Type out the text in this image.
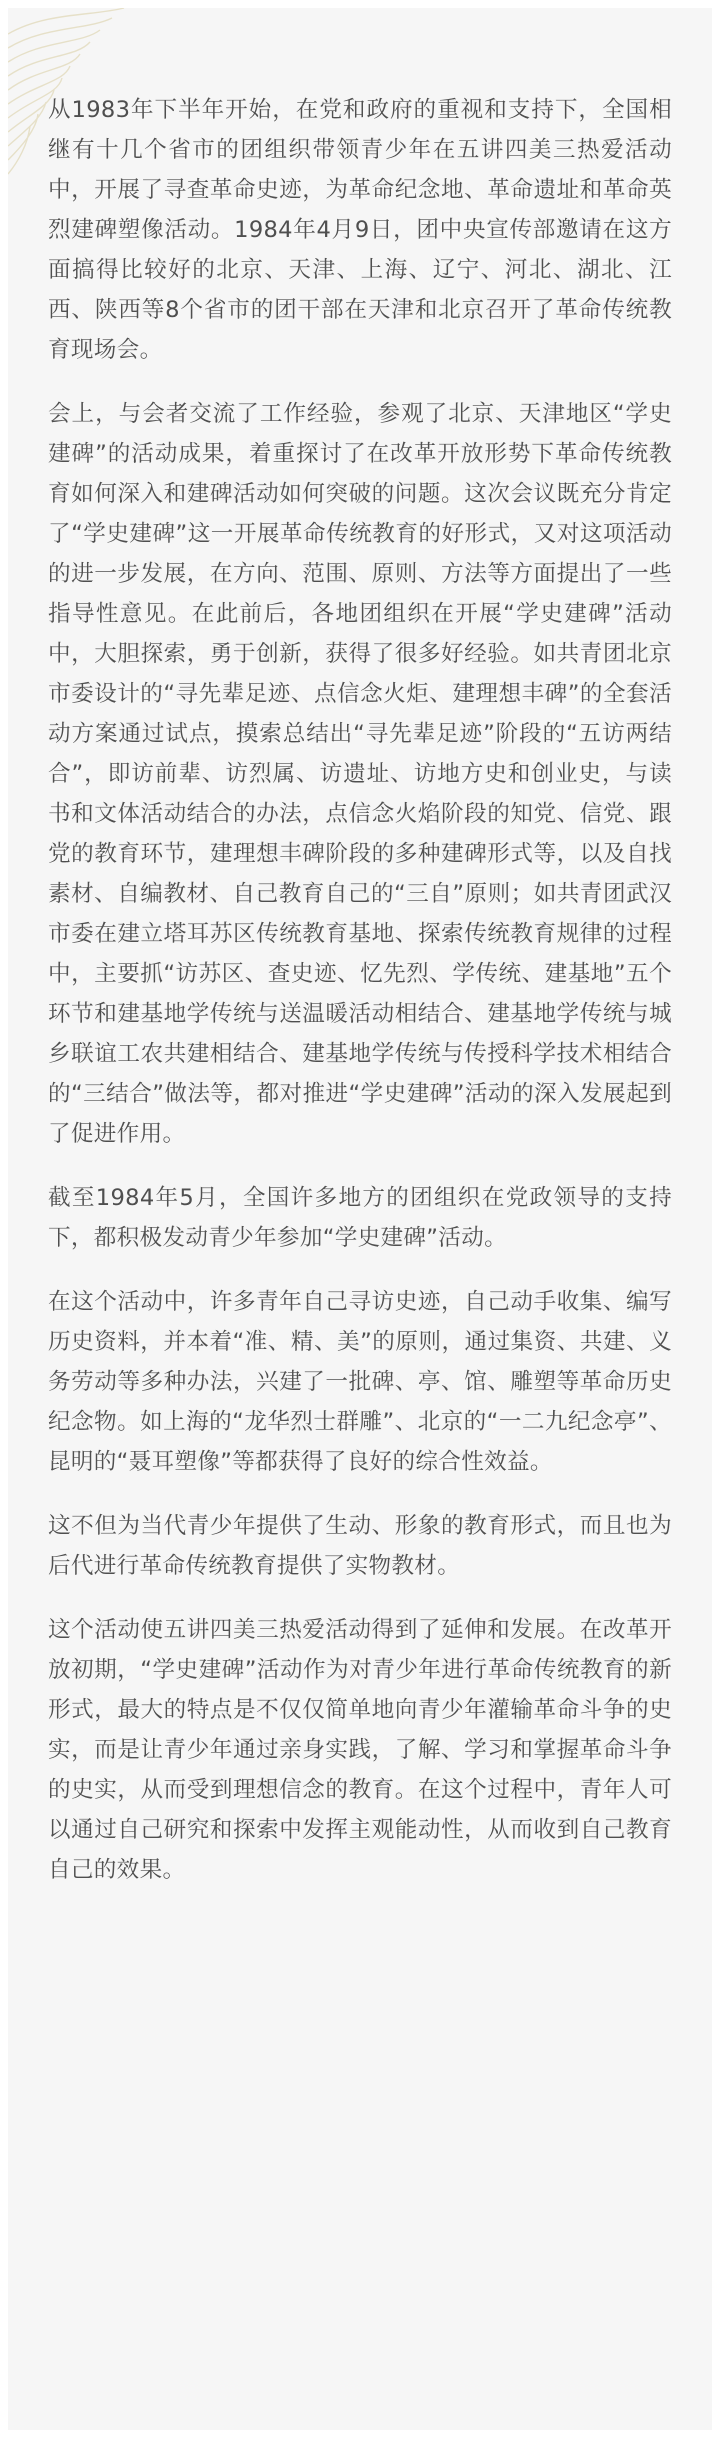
从1983年下半年开始，在党和政府的重视和支持下，全国相继有十几个省市的团组织带领青少年在五讲四美三热爱活动中，开展了寻查革命史迹，为革命纪念地、革命遗址和革命英烈建碑塑像活动。1984年4月9日，团中央宣传部邀请在这方面搞得比较好的北京、天津、上海、辽宁、河北、湖北、江西、陕西等8个省市的团干部在天津和北京召开了革命传统教育现场会。

会上，与会者交流了工作经验，参观了北京、天津地区“学史建碑”的活动成果，着重探讨了在改革开放形势下革命传统教育如何深入和建碑活动如何突破的问题。这次会议既充分肯定了“学史建碑”这一开展革命传统教育的好形式，又对这项活动的进一步发展，在方向、范围、原则、方法等方面提出了一些指导性意见。在此前后，各地团组织在开展“学史建碑”活动中，大胆探索，勇于创新，获得了很多好经验。如共青团北京市委设计的“寻先辈足迹、点信念火炬、建理想丰碑”的全套活动方案通过试点，摸索总结出“寻先辈足迹”阶段的“五访两结合”，即访前辈、访烈属、访遗址、访地方史和创业史，与读书和文体活动结合的办法，点信念火焰阶段的知党、信党、跟党的教育环节，建理想丰碑阶段的多种建碑形式等，以及自找素材、自编教材、自己教育自己的“三自”原则；如共青团武汉市委在建立塔耳苏区传统教育基地、探索传统教育规律的过程中，主要抓“访苏区、查史迹、忆先烈、学传统、建基地”五个环节和建基地学传统与送温暖活动相结合、建基地学传统与城乡联谊工农共建相结合、建基地学传统与传授科学技术相结合的“三结合”做法等，都对推进“学史建碑”活动的深入发展起到了促进作用。

截至1984年5月，全国许多地方的团组织在党政领导的支持下，都积极发动青少年参加“学史建碑”活动。

在这个活动中，许多青年自己寻访史迹，自己动手收集、编写历史资料，并本着“准、精、美”的原则，通过集资、共建、义务劳动等多种办法，兴建了一批碑、亭、馆、雕塑等革命历史纪念物。如上海的“龙华烈士群雕”、北京的“一二九纪念亭”、昆明的“聂耳塑像”等都获得了良好的综合性效益。

这不但为当代青少年提供了生动、形象的教育形式，而且也为后代进行革命传统教育提供了实物教材。

这个活动使五讲四美三热爱活动得到了延伸和发展。在改革开放初期，“学史建碑”活动作为对青少年进行革命传统教育的新形式，最大的特点是不仅仅简单地向青少年灌输革命斗争的史实，而是让青少年通过亲身实践，了解、学习和掌握革命斗争的史实，从而受到理想信念的教育。在这个过程中，青年人可以通过自己研究和探索中发挥主观能动性，从而收到自己教育自己的效果。
